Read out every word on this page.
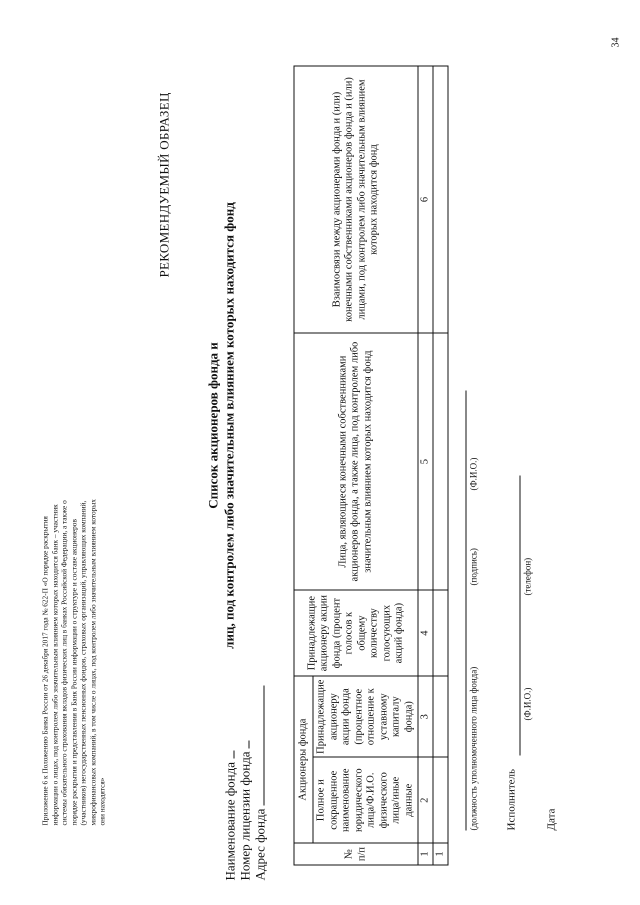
Приложение 6 к Положению Банка России от 26 декабря 2017 года № 622-П «О порядке раскрытия информации о лицах, под контролем либо значительным влиянием которых находится банк – участник системы обязательного страхования вкладов физических лиц в банках Российской Федерации, а также о порядке раскрытия и представления в Банк России информации о структуре и составе акционеров (участников) негосударственных пенсионных фондов, страховых организаций, управляющих компаний, микрофинансовых компаний, в том числе о лицах, под контролем либо значительным влиянием которых они находятся»
РЕКОМЕНДУЕМЫЙ ОБРАЗЕЦ
Список акционеров фонда и лиц, под контролем либо значительным влиянием которых находится фонд
Наименование фонда Номер лицензии фонда Адрес фонда	№ п/п	Акционеры фонда		Принадлежащие акционеру акции фонда (процент голосов к общему количеству голосующих акций фонда)	Лица, являющиеся конечными собственниками акционеров фонда, а также лица, под контролем либо значительным влиянием которых находится фонд	Взаимосвязи между акционерами фонда и (или) конечными собственниками акционеров фонда и (или) лицами, под контролем либо значительным влиянием которых находится фонд
	Полное и сокращенное наименование юридического лица/Ф.И.О. физического лица/иные данные	Принадлежащие акционеру акции фонда (процентное отношение к уставному капиталу фонда)			
1	2	3	4	5	6
1					
(должность уполномоченного лица фонда)
(подпись)
(Ф.И.О.)
Исполнитель
(Ф.И.О.)
(телефон)
Дата
34
